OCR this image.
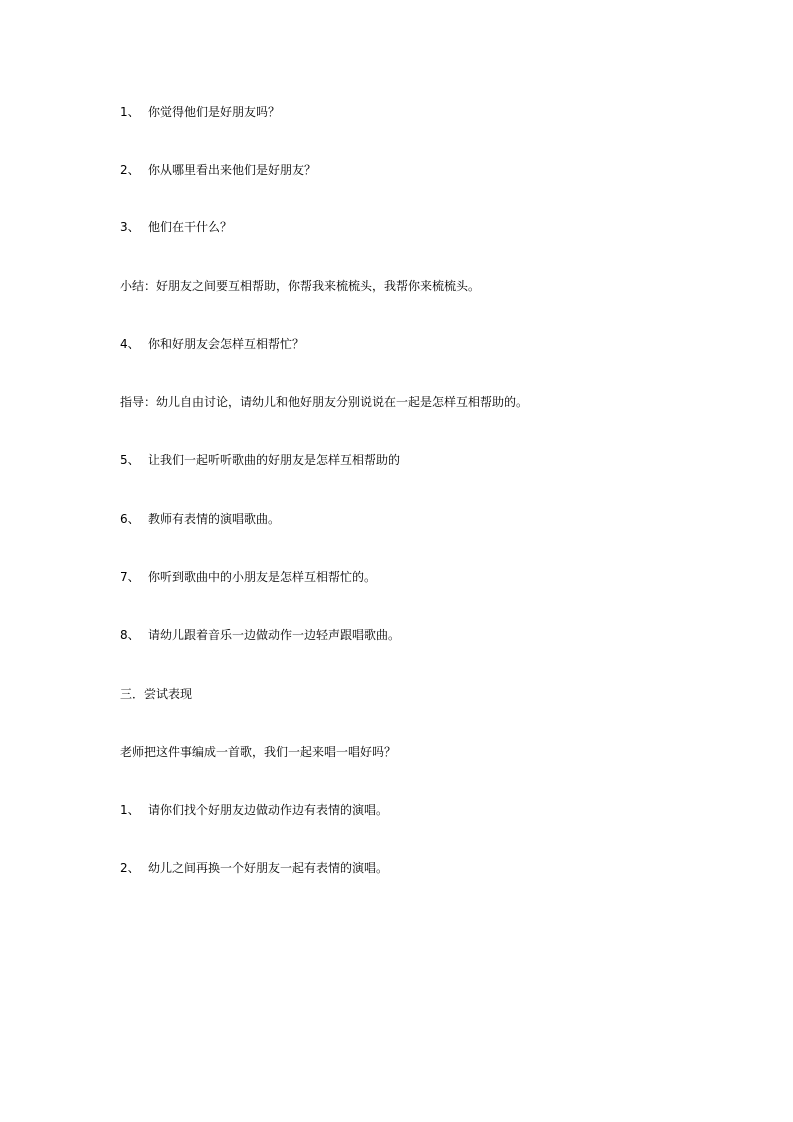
1、 你觉得他们是好朋友吗？
2、 你从哪里看出来他们是好朋友？
3、 他们在干什么？
小结：好朋友之间要互相帮助，你帮我来梳梳头，我帮你来梳梳头。
4、 你和好朋友会怎样互相帮忙？
指导：幼儿自由讨论，请幼儿和他好朋友分别说说在一起是怎样互相帮助的。
5、 让我们一起听听歌曲的好朋友是怎样互相帮助的
6、 教师有表情的演唱歌曲。
7、 你听到歌曲中的小朋友是怎样互相帮忙的。
8、 请幼儿跟着音乐一边做动作一边轻声跟唱歌曲。
三．尝试表现
老师把这件事编成一首歌，我们一起来唱一唱好吗？
1、 请你们找个好朋友边做动作边有表情的演唱。
2、 幼儿之间再换一个好朋友一起有表情的演唱。
